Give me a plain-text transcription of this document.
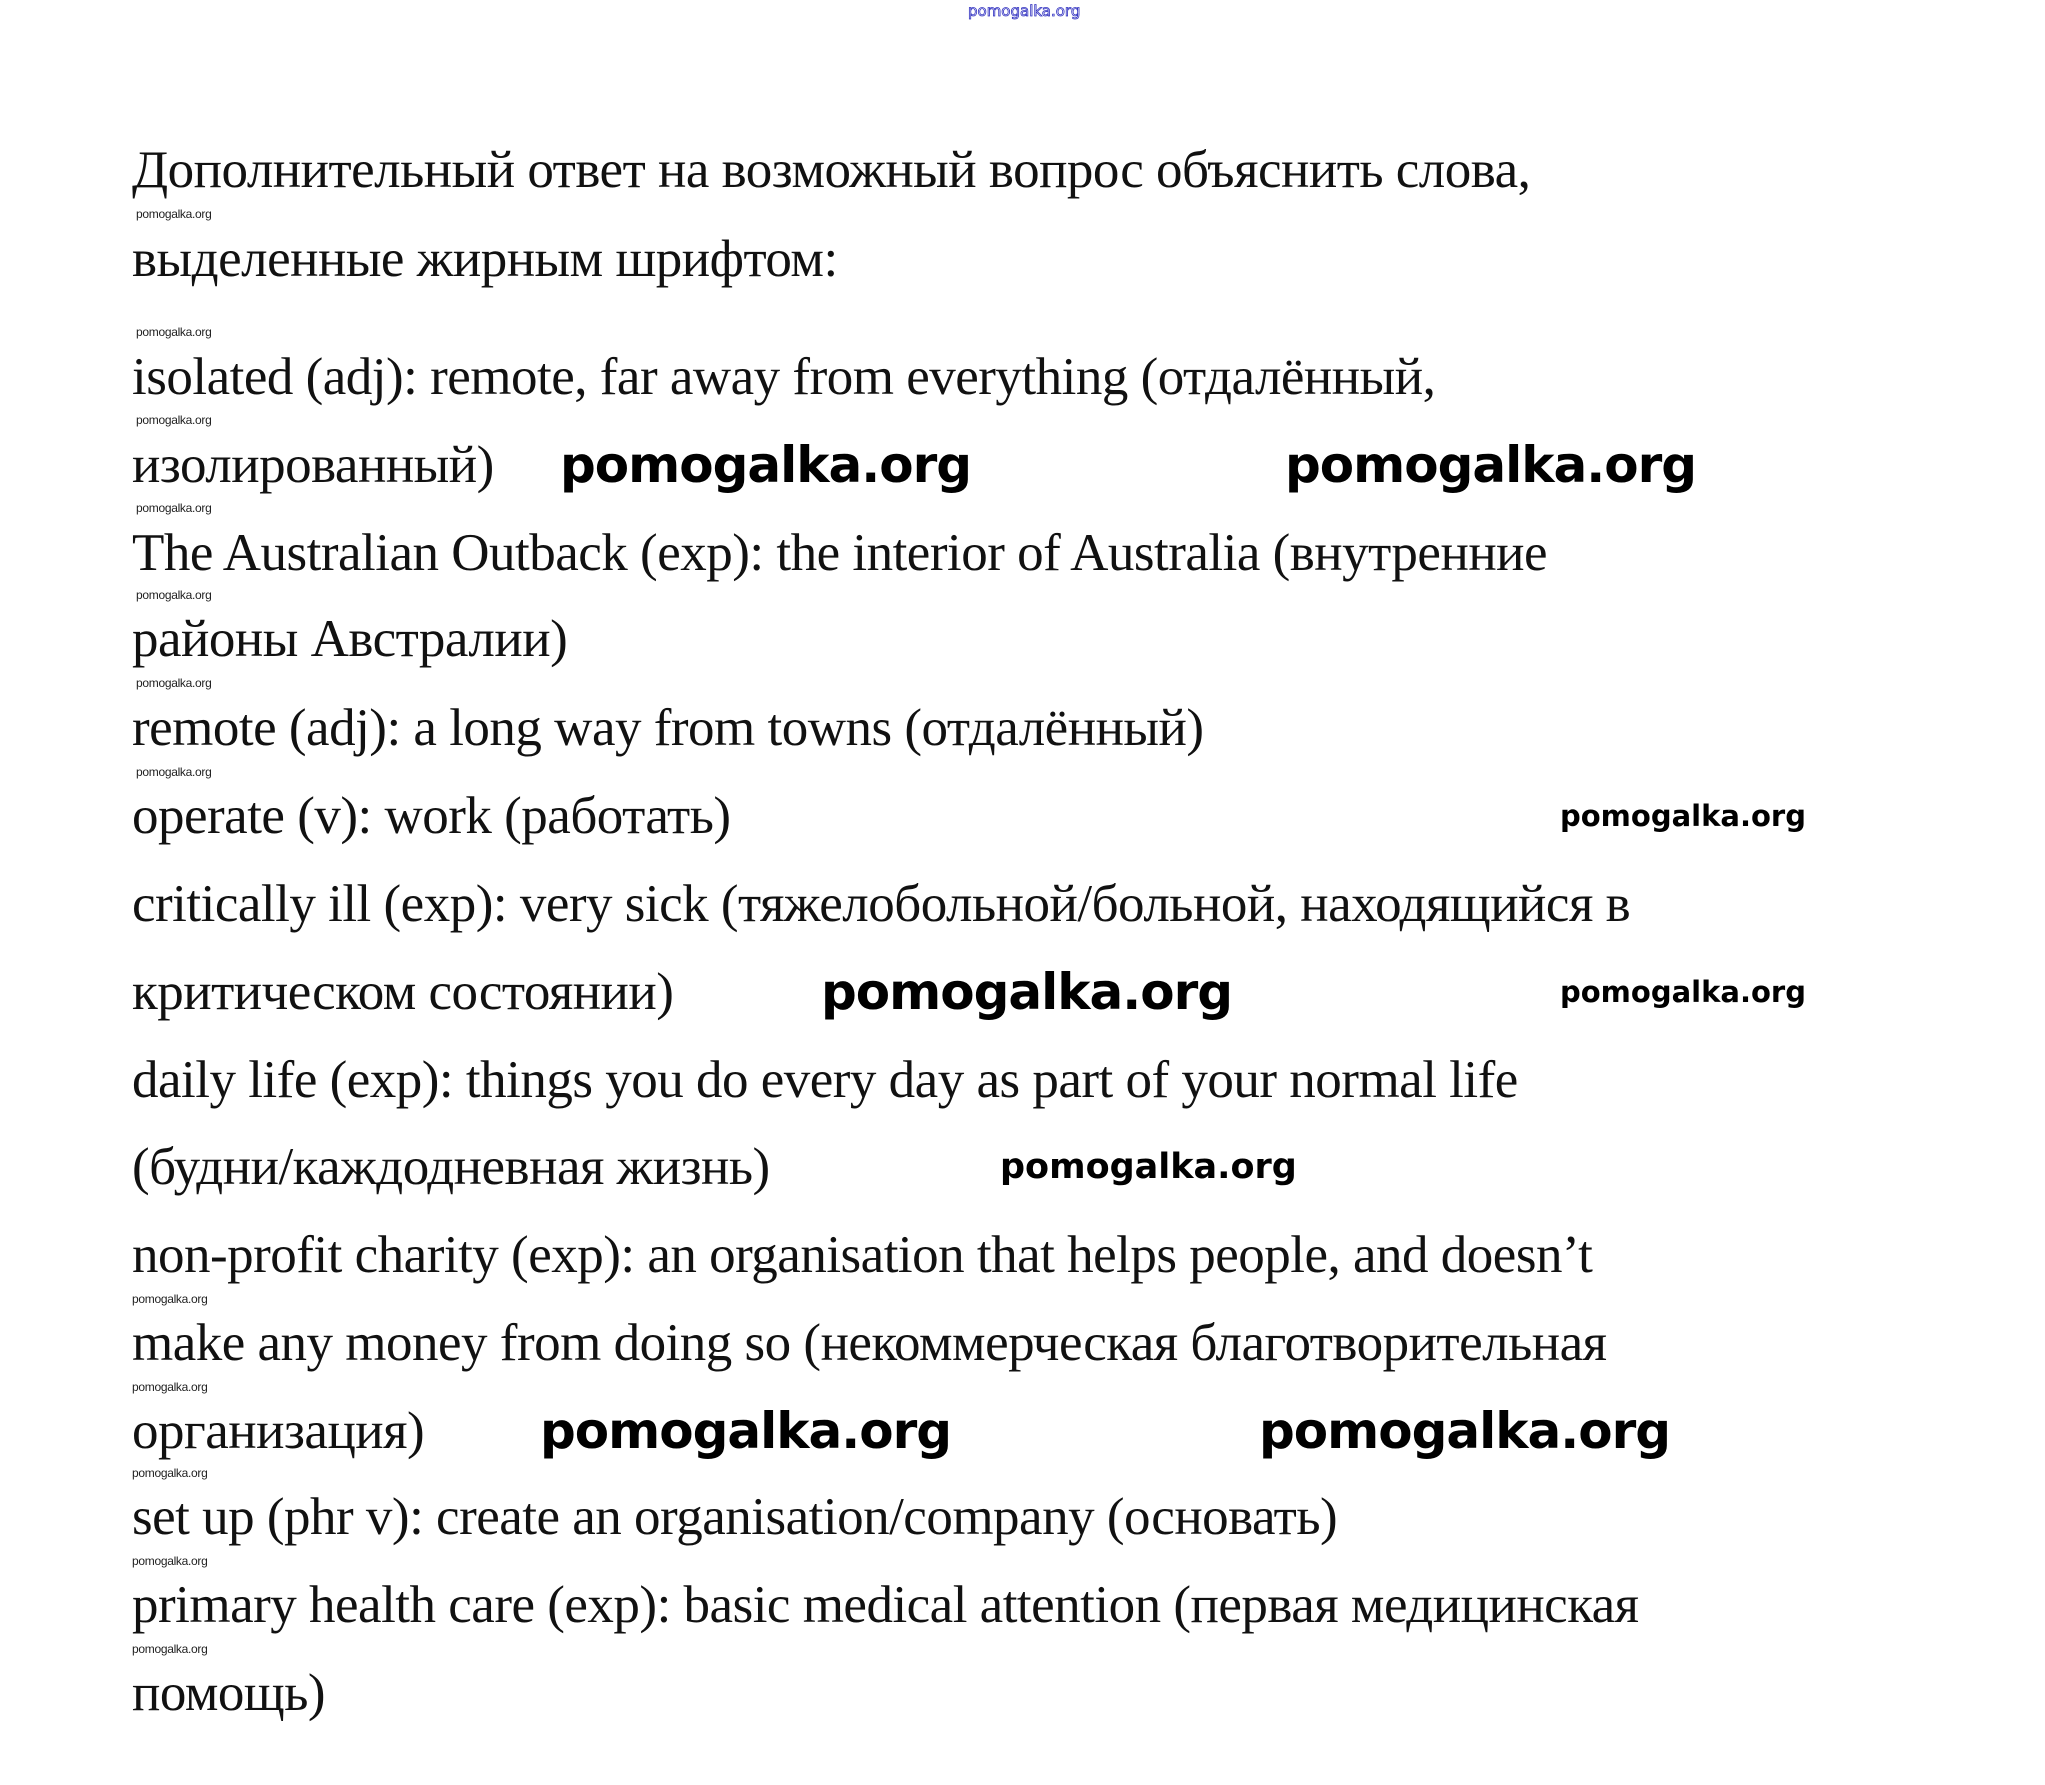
pomogalka.org
Дополнительный ответ на возможный вопрос объяснить слова,
выделенные жирным шрифтом:
isolated (adj): remote, far away from everything (отдалённый,
изолированный)
The Australian Outback (exp): the interior of Australia (внутренние
районы Австралии)
remote (adj): a long way from towns (отдалённый)
operate (v): work (работать)
critically ill (exp): very sick (тяжелобольной/больной, находящийся в
критическом состоянии)
daily life (exp): things you do every day as part of your normal life
(будни/каждодневная жизнь)
non-profit charity (exp): an organisation that helps people, and doesn’t
make any money from doing so (некоммерческая благотворительная
организация)
set up (phr v): create an organisation/company (основать)
primary health care (exp): basic medical attention (первая медицинская
помощь)
pomogalka.org
pomogalka.org
pomogalka.org
pomogalka.org
pomogalka.org
pomogalka.org
pomogalka.org
pomogalka.org
pomogalka.org
pomogalka.org
pomogalka.org
pomogalka.org
pomogalka.org	pomogalka.org
pomogalka.org
pomogalka.org	pomogalka.org
pomogalka.org
pomogalka.org	pomogalka.org
